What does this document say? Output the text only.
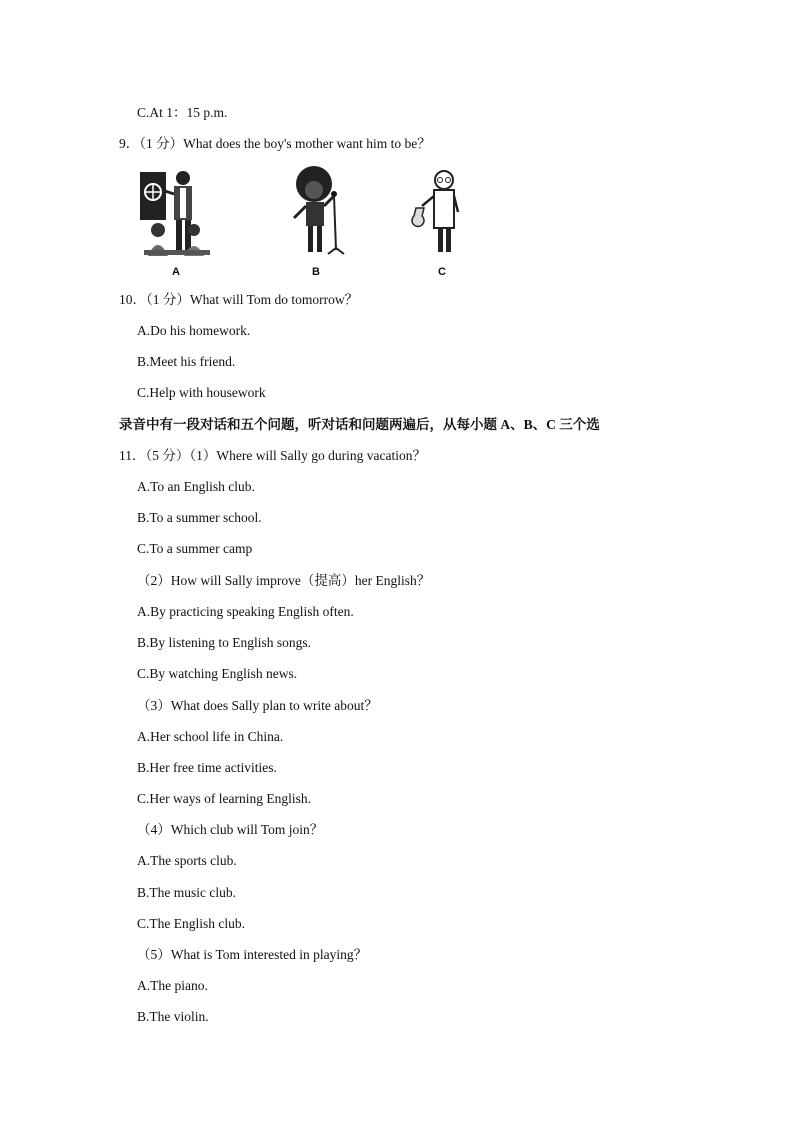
C.At 1：15 p.m.
9．（1 分）What does the boy's mother want him to be？
A	B	C
10．（1 分）What will Tom do tomorrow？
A.Do his homework.
B.Meet his friend.
C.Help with housework
录音中有一段对话和五个问题，听对话和问题两遍后，从每小题 A、B、C 三个选
11．（5 分）（1）Where will Sally go during vacation？
A.To an English club.
B.To a summer school.
C.To a summer camp
（2）How will Sally improve（提高）her English？
A.By practicing speaking English often.
B.By listening to English songs.
C.By watching English news.
（3）What does Sally plan to write about？
A.Her school life in China.
B.Her free time activities.
C.Her ways of learning English.
（4）Which club will Tom join？
A.The sports club.
B.The music club.
C.The English club.
（5）What is Tom interested in playing？
A.The piano.
B.The violin.
